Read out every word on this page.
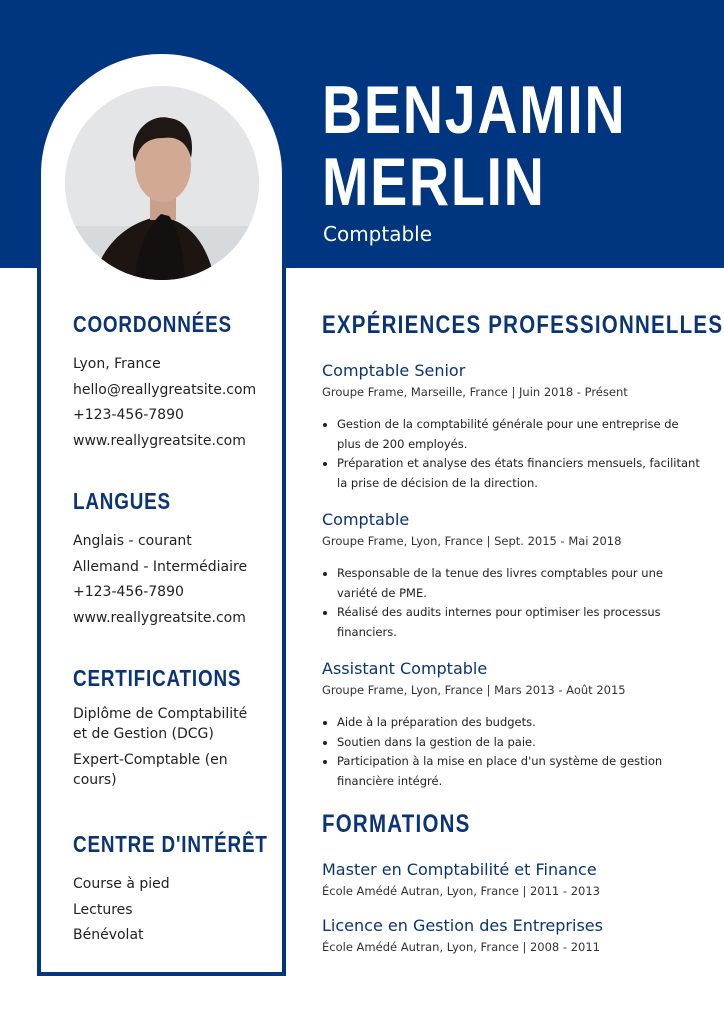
BENJAMIN
MERLIN
Comptable
COORDONNÉES
Lyon, France
hello@reallygreatsite.com
+123-456-7890
www.reallygreatsite.com
LANGUES
Anglais - courant
Allemand - Intermédiaire
+123-456-7890
www.reallygreatsite.com
CERTIFICATIONS
Diplôme de Comptabilité et de Gestion (DCG)
Expert-Comptable (en cours)
CENTRE D'INTÉRÊT
Course à pied
Lectures
Bénévolat
EXPÉRIENCES PROFESSIONNELLES
Comptable Senior
Groupe Frame, Marseille, France | Juin 2018 - Présent
• Gestion de la comptabilité générale pour une entreprise de plus de 200 employés.
• Préparation et analyse des états financiers mensuels, facilitant la prise de décision de la direction.
Comptable
Groupe Frame, Lyon, France | Sept. 2015 - Mai 2018
• Responsable de la tenue des livres comptables pour une variété de PME.
• Réalisé des audits internes pour optimiser les processus financiers.
Assistant Comptable
Groupe Frame, Lyon, France | Mars 2013 - Août 2015
• Aide à la préparation des budgets.
• Soutien dans la gestion de la paie.
• Participation à la mise en place d'un système de gestion financière intégré.
FORMATIONS
Master en Comptabilité et Finance
École Amédé Autran, Lyon, France | 2011 - 2013
Licence en Gestion des Entreprises
École Amédé Autran, Lyon, France | 2008 - 2011
